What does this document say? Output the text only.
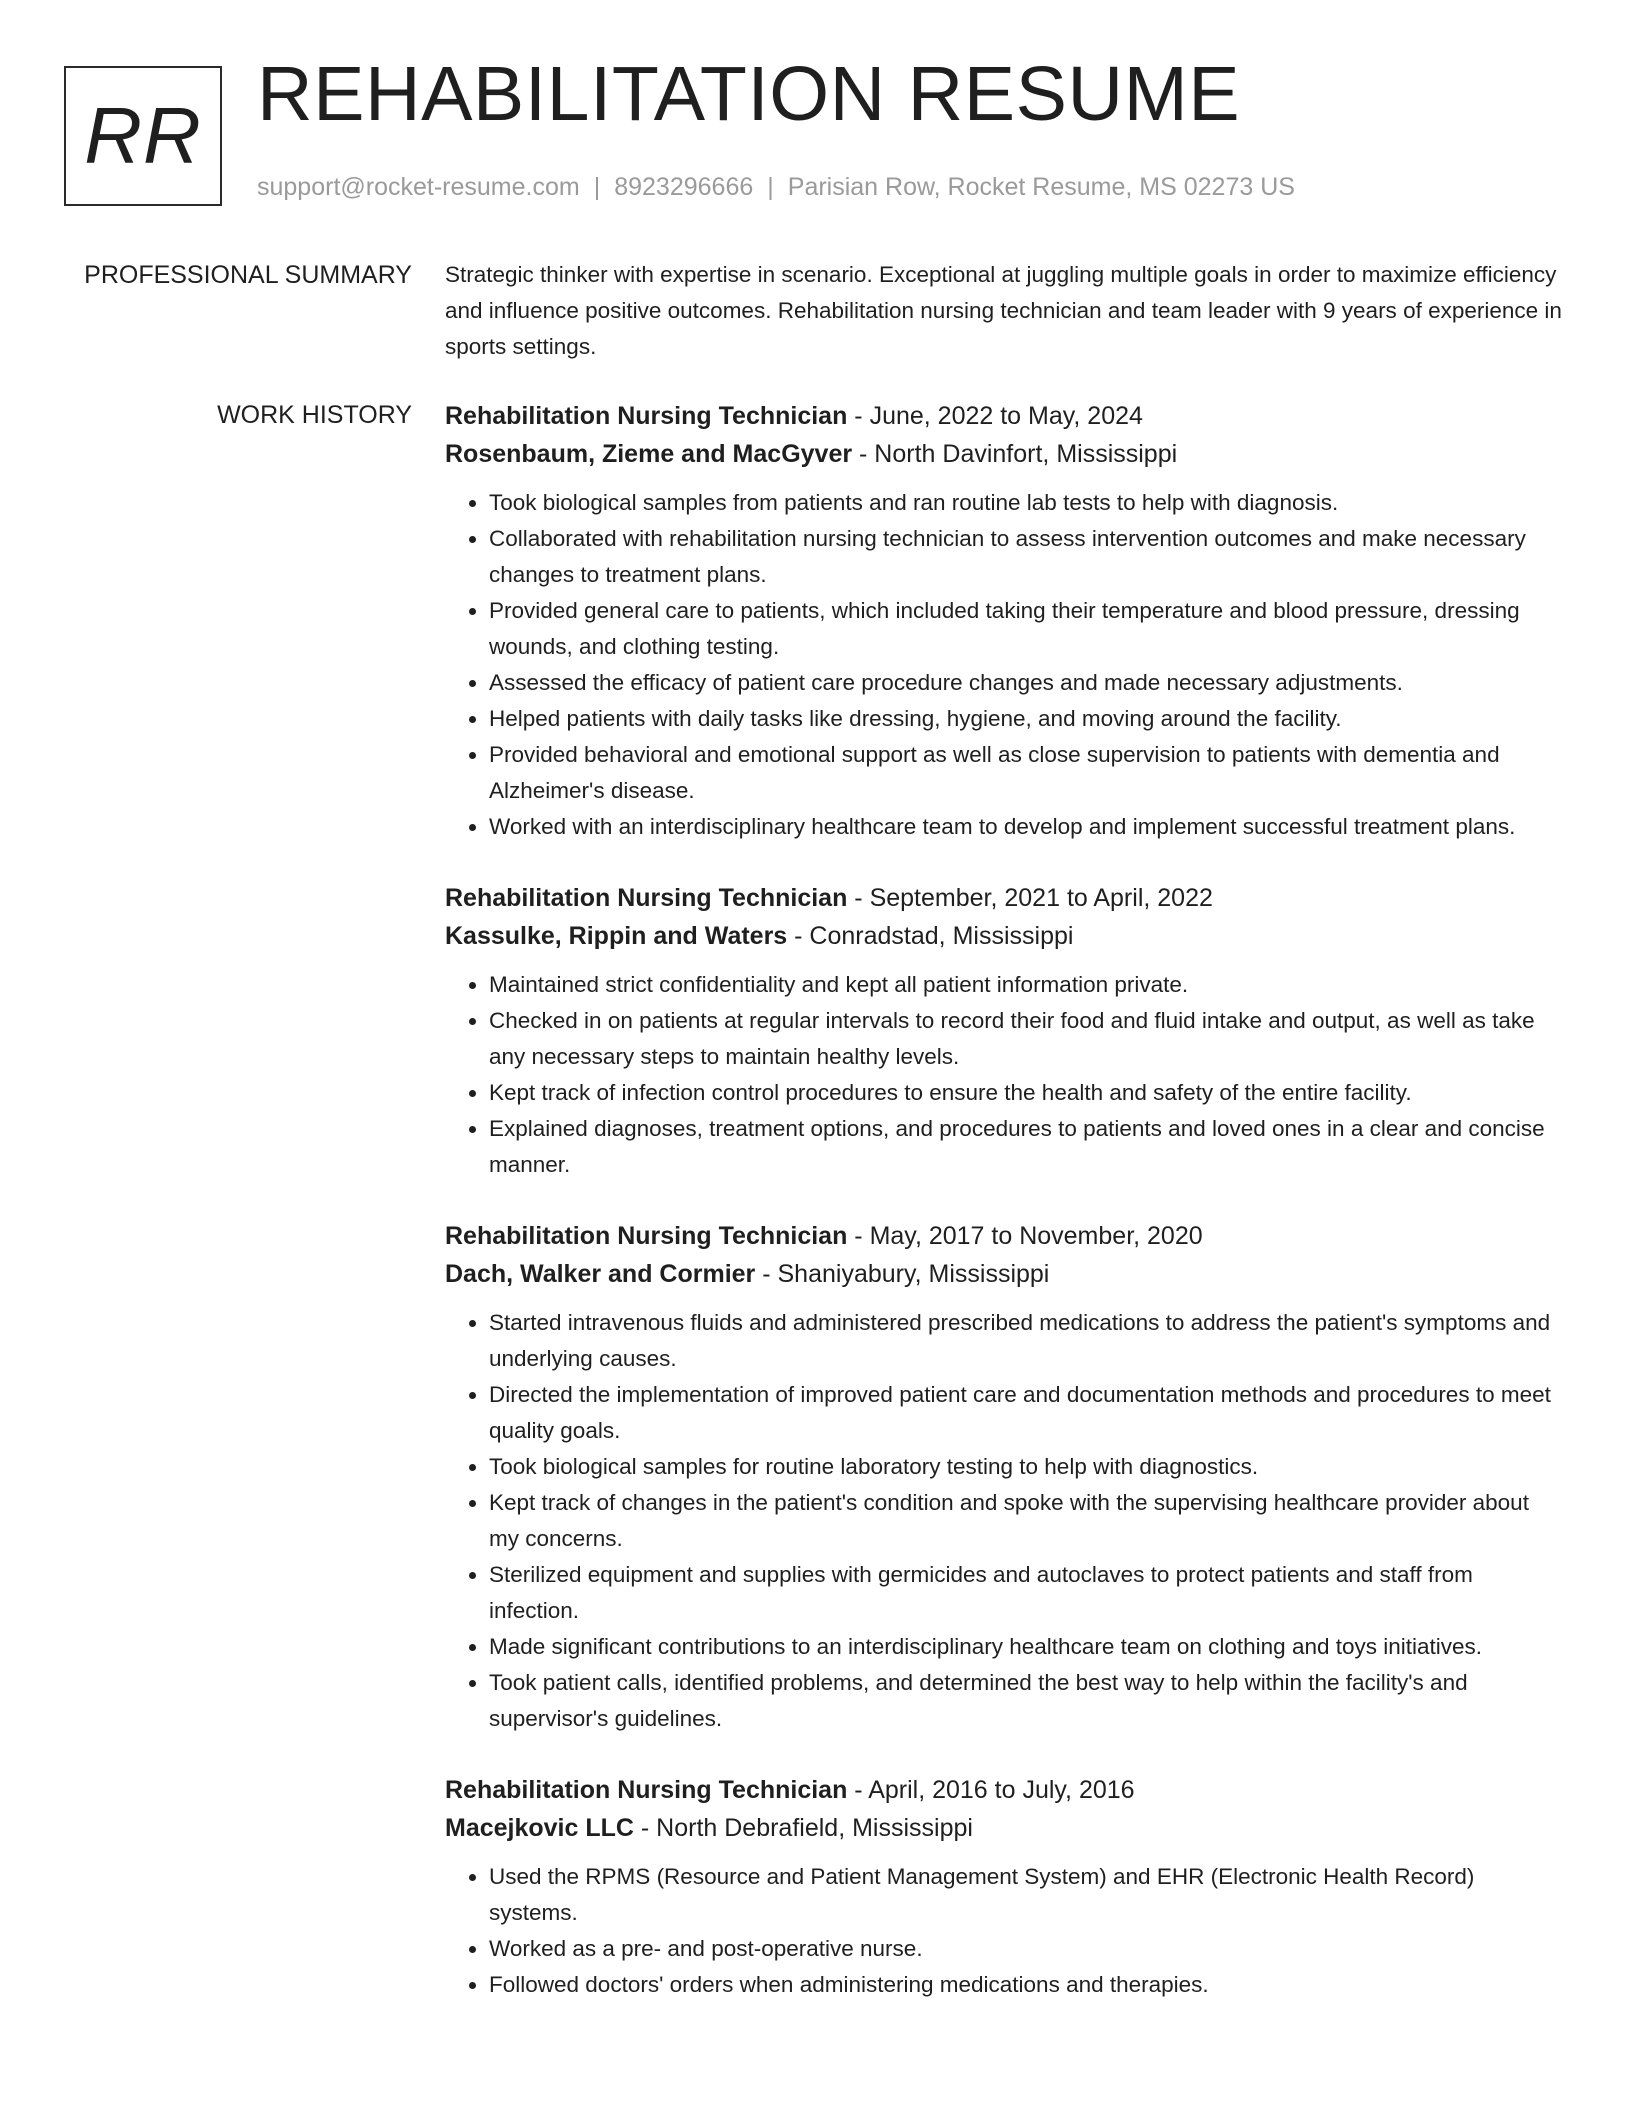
RR REHABILITATION RESUME
support@rocket-resume.com | 8923296666 | Parisian Row, Rocket Resume, MS 02273 US
PROFESSIONAL SUMMARY Strategic thinker with expertise in scenario. Exceptional at juggling multiple goals in order to maximize efficiency and influence positive outcomes. Rehabilitation nursing technician and team leader with 9 years of experience in sports settings.

WORK HISTORY Rehabilitation Nursing Technician - June, 2022 to May, 2024
Rosenbaum, Zieme and MacGyver - North Davinfort, Mississippi
• Took biological samples from patients and ran routine lab tests to help with diagnosis.
• Collaborated with rehabilitation nursing technician to assess intervention outcomes and make necessary changes to treatment plans.
• Provided general care to patients, which included taking their temperature and blood pressure, dressing wounds, and clothing testing.
• Assessed the efficacy of patient care procedure changes and made necessary adjustments.
• Helped patients with daily tasks like dressing, hygiene, and moving around the facility.
• Provided behavioral and emotional support as well as close supervision to patients with dementia and Alzheimer's disease.
• Worked with an interdisciplinary healthcare team to develop and implement successful treatment plans.
Rehabilitation Nursing Technician - September, 2021 to April, 2022
Kassulke, Rippin and Waters - Conradstad, Mississippi
• Maintained strict confidentiality and kept all patient information private.
• Checked in on patients at regular intervals to record their food and fluid intake and output, as well as take any necessary steps to maintain healthy levels.
• Kept track of infection control procedures to ensure the health and safety of the entire facility.
• Explained diagnoses, treatment options, and procedures to patients and loved ones in a clear and concise manner.
Rehabilitation Nursing Technician - May, 2017 to November, 2020
Dach, Walker and Cormier - Shaniyabury, Mississippi
• Started intravenous fluids and administered prescribed medications to address the patient's symptoms and underlying causes.
• Directed the implementation of improved patient care and documentation methods and procedures to meet quality goals.
• Took biological samples for routine laboratory testing to help with diagnostics.
• Kept track of changes in the patient's condition and spoke with the supervising healthcare provider about my concerns.
• Sterilized equipment and supplies with germicides and autoclaves to protect patients and staff from infection.
• Made significant contributions to an interdisciplinary healthcare team on clothing and toys initiatives.
• Took patient calls, identified problems, and determined the best way to help within the facility's and supervisor's guidelines.
Rehabilitation Nursing Technician - April, 2016 to July, 2016
Macejkovic LLC - North Debrafield, Mississippi
• Used the RPMS (Resource and Patient Management System) and EHR (Electronic Health Record) systems.
• Worked as a pre- and post-operative nurse.
• Followed doctors' orders when administering medications and therapies.
